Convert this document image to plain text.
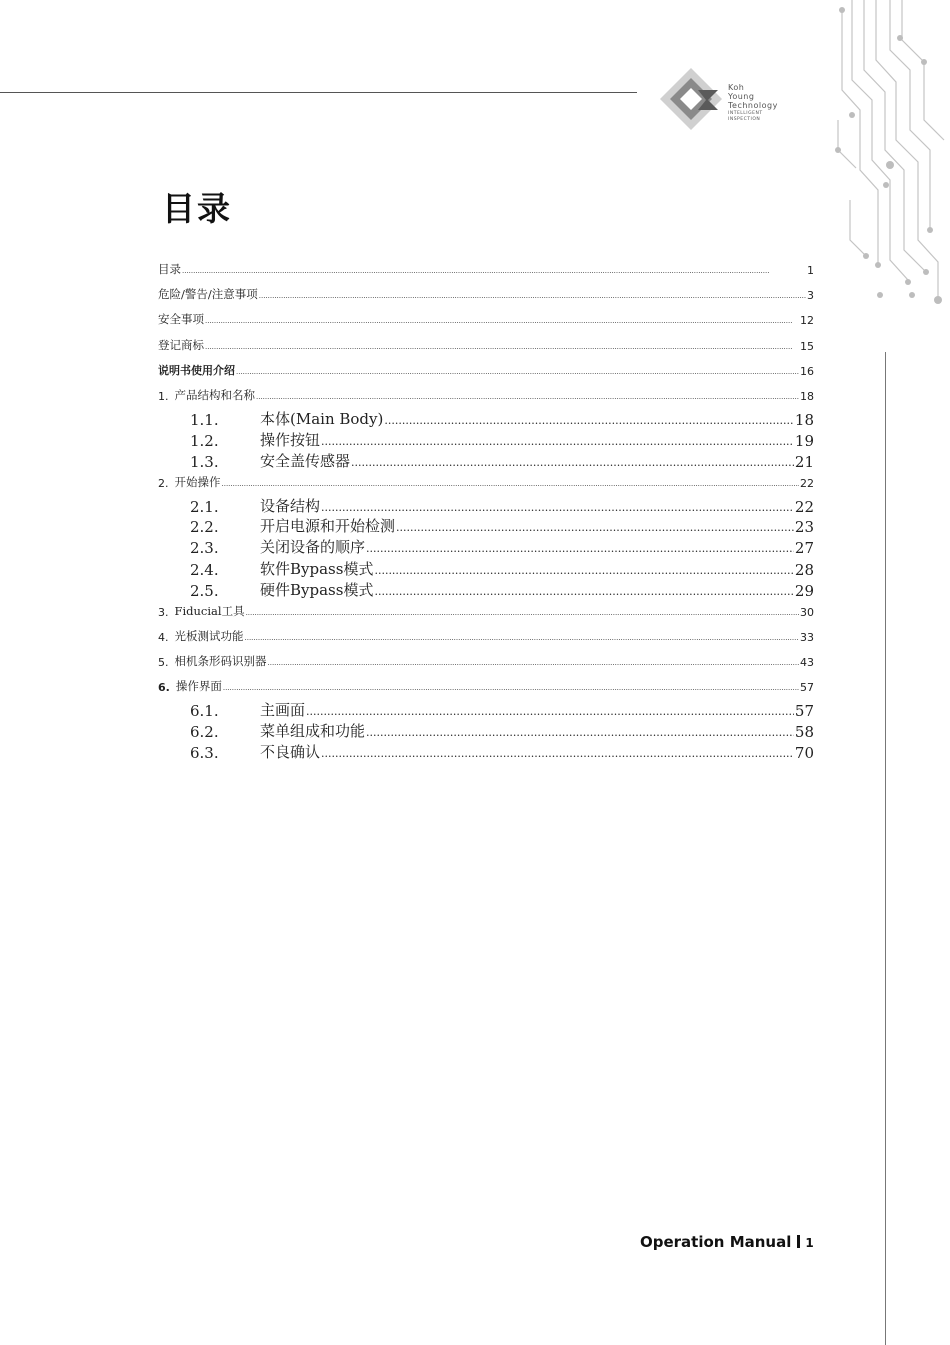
Koh
Young
Technology
INTELLIGENT
INSPECTION
目录
目录 .....	1
危险/警告/注意事项 .....	3
安全事项 .....	12
登记商标 .....	15
说明书使用介绍 .....	16
1. 产品结构和名称 .....	18
1.1.	本体(Main Body) .....	18
1.2.	操作按钮 .....	19
1.3.	安全盖传感器 .....	21
2. 开始操作 .....	22
2.1.	设备结构 .....	22
2.2.	开启电源和开始检测 .....	23
2.3.	关闭设备的顺序 .....	27
2.4.	软件Bypass模式 .....	28
2.5.	硬件Bypass模式 .....	29
3. Fiducial工具 .....	30
4. 光板测试功能 .....	33
5. 相机条形码识别器 .....	43
6. 操作界面 .....	57
6.1.	主画面 .....	57
6.2.	菜单组成和功能 .....	58
6.3.	不良确认 .....	70
Operation Manual 1
